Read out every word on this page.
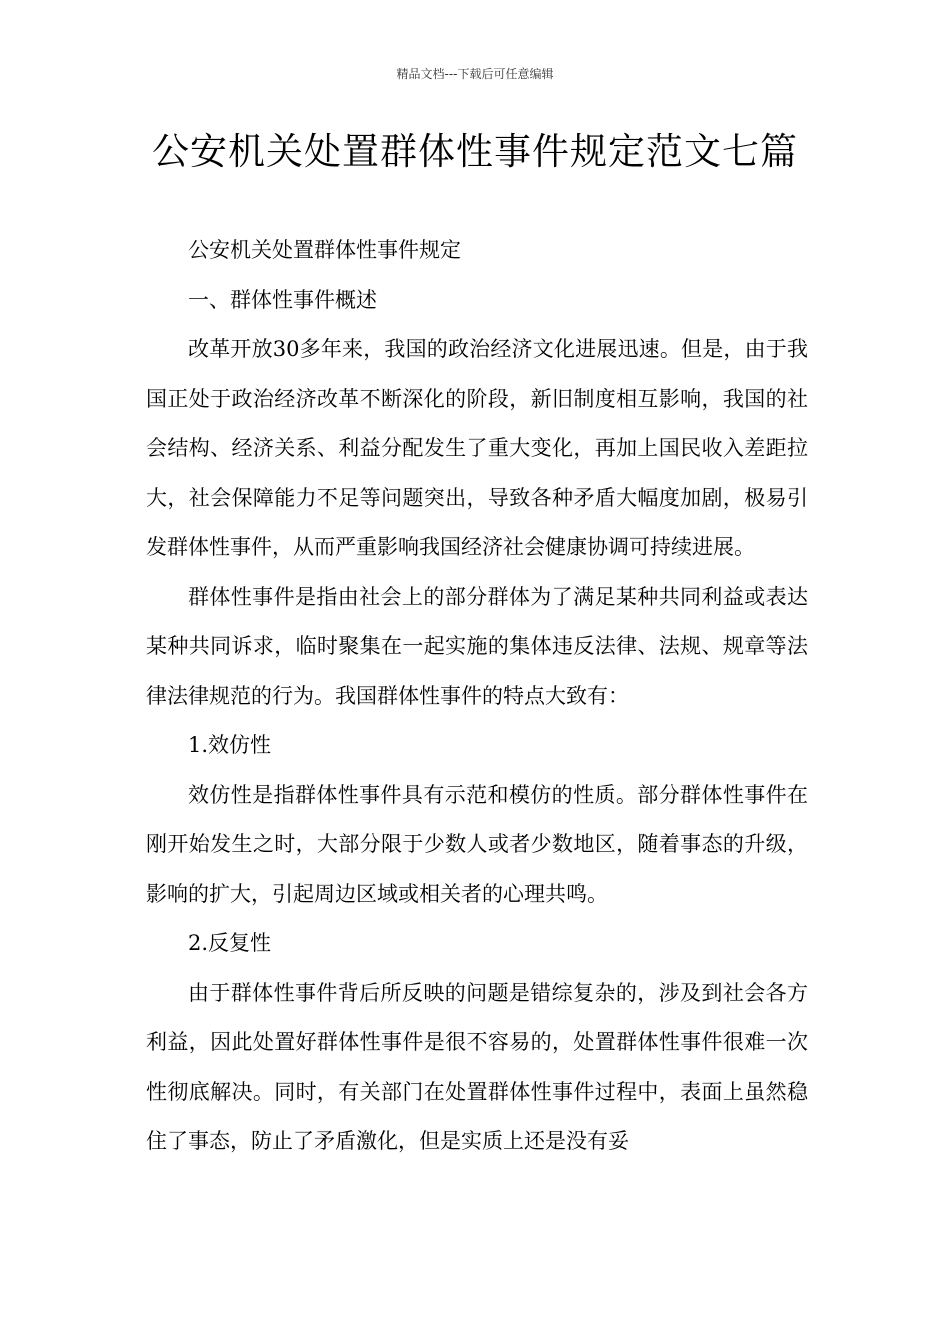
精品文档---下载后可任意编辑
公安机关处置群体性事件规定范文七篇

公安机关处置群体性事件规定

一、群体性事件概述

改革开放30多年来，我国的政治经济文化进展迅速。但是，由于我国正处于政治经济改革不断深化的阶段，新旧制度相互影响，我国的社会结构、经济关系、利益分配发生了重大变化，再加上国民收入差距拉大，社会保障能力不足等问题突出，导致各种矛盾大幅度加剧，极易引发群体性事件，从而严重影响我国经济社会健康协调可持续进展。

群体性事件是指由社会上的部分群体为了满足某种共同利益或表达某种共同诉求，临时聚集在一起实施的集体违反法律、法规、规章等法律法律规范的行为。我国群体性事件的特点大致有：

1.效仿性

效仿性是指群体性事件具有示范和模仿的性质。部分群体性事件在刚开始发生之时，大部分限于少数人或者少数地区，随着事态的升级，影响的扩大，引起周边区域或相关者的心理共鸣。

2.反复性

由于群体性事件背后所反映的问题是错综复杂的，涉及到社会各方利益，因此处置好群体性事件是很不容易的，处置群体性事件很难一次性彻底解决。同时，有关部门在处置群体性事件过程中，表面上虽然稳住了事态，防止了矛盾激化，但是实质上还是没有妥
